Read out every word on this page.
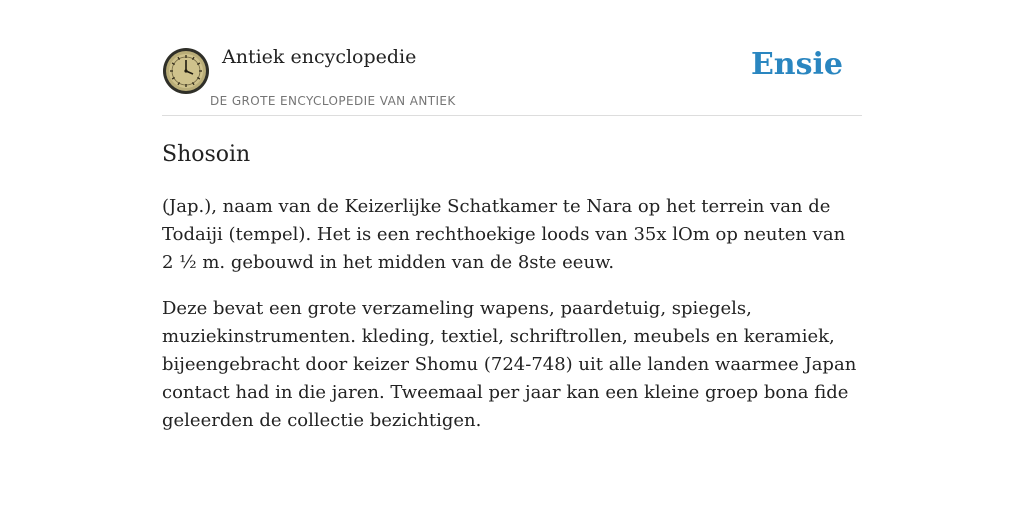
Antiek encyclopedie
DE GROTE ENCYCLOPEDIE VAN ANTIEK
Ensie
Shosoin

(Jap.), naam van de Keizerlijke Schatkamer te Nara op het terrein van de Todaiji (tempel). Het is een rechthoekige loods van 35x lOm op neuten van 2 ½ m. gebouwd in het midden van de 8ste eeuw.

Deze bevat een grote verzameling wapens, paardetuig, spiegels, muziekinstrumenten. kleding, textiel, schriftrollen, meubels en keramiek, bijeengebracht door keizer Shomu (724-748) uit alle landen waarmee Japan contact had in die jaren. Tweemaal per jaar kan een kleine groep bona fide geleerden de collectie bezichtigen.
